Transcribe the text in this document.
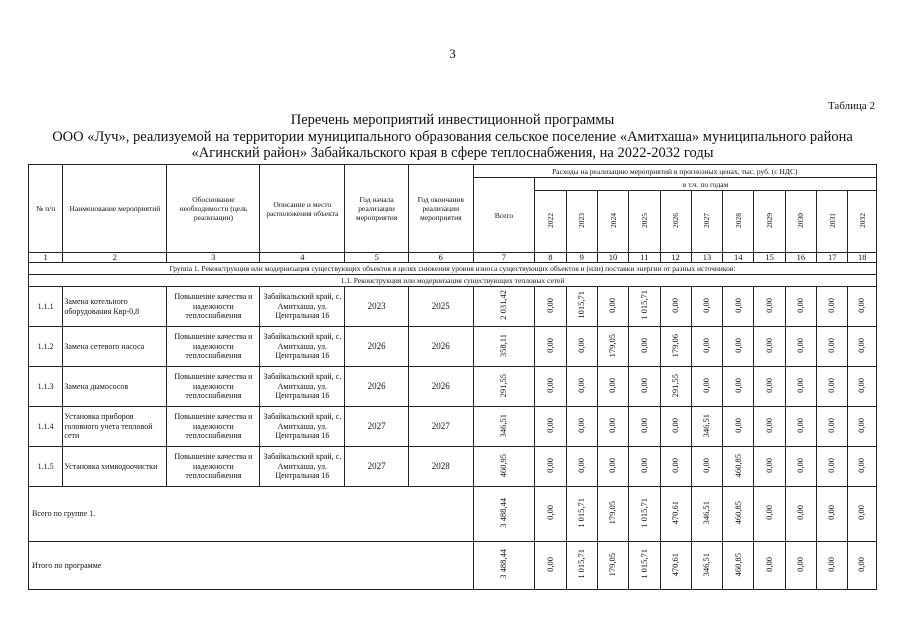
3
Таблица 2
Перечень мероприятий инвестиционной программы
ООО «Луч», реализуемой на территории муниципального образования сельское поселение «Амитхаша» муниципального района
«Агинский район» Забайкальского края в сфере теплоснабжения, на 2022-2032 годы
№ п/п	Наименование мероприятий	Обоснование необходимости (цель реализации)	Описание и место расположения объекта	Год начала реализации мероприятия	Год окончания реализации мероприятия	Расходы на реализацию мероприятий в прогнозных ценах, тыс. руб. (с НДС)											
						Всего	в т.ч. по годам										
							2022	2023	2024	2025	2026	2027	2028	2029	2030	2031	2032
1	2	3	4	5	6	7	8	9	10	11	12	13	14	15	16	17	18
Группа 1. Реконструкция или модернизация существующих объектов в целях снижения уровня износа существующих объектов и (или) поставки энергии от разных источников:																	
1.1. Реконструкция или модернизация существующих тепловых сетей																	
1.1.1	Замена котельного оборудования Квр-0,8	Повышение качества и надежности теплоснабжения	Забайкальский край, с. Амитхаша, ул. Центральная 16	2023	2025	2 031,42	0,00	1015,71	0,00	1 015,71	0,00	0,00	0,00	0,00	0,00	0,00	0,00
1.1.2	Замена сетевого насоса	Повышение качества и надежности теплоснабжения	Забайкальский край, с. Амитхаша, ул. Центральная 16	2026	2026	358,11	0,00	0,00	179,05	0,00	179,06	0,00	0,00	0,00	0,00	0,00	0,00
1.1.3	Замена дымососов	Повышение качества и надежности теплоснабжения	Забайкальский край, с. Амитхаша, ул. Центральная 16	2026	2026	291,55	0,00	0,00	0,00	0,00	291,55	0,00	0,00	0,00	0,00	0,00	0,00
1.1.4	Установка приборов головного учета тепловой сети	Повышение качества и надежности теплоснабжения	Забайкальский край, с. Амитхаша, ул. Центральная 16	2027	2027	346,51	0,00	0,00	0,00	0,00	0,00	346,51	0,00	0,00	0,00	0,00	0,00
1.1.5	Установка химводоочистки	Повышение качества и надежности теплоснабжения	Забайкальский край, с. Амитхаша, ул. Центральная 16	2027	2028	460,95	0,00	0,00	0,00	0,00	0,00	0,00	460,85	0,00	0,00	0,00	0,00
Всего по группе 1.						3 488,44	0,00	1 015,71	179,05	1 015,71	470,61	346,51	460,85	0,00	0,00	0,00	0,00
Итого по программе						3 488,44	0,00	1 015,71	179,05	1 015,71	470,61	346,51	460,85	0,00	0,00	0,00	0,00
